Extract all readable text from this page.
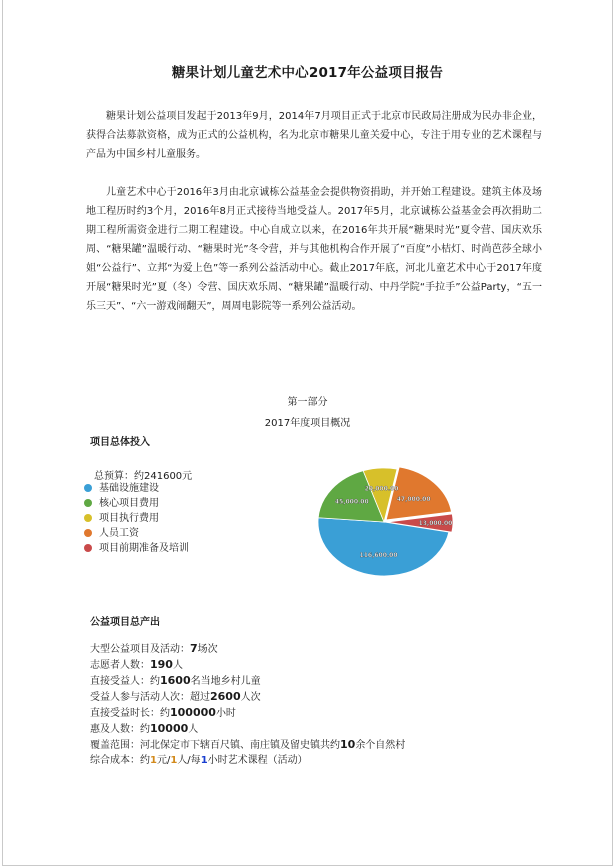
糖果计划儿童艺术中心2017年公益项目报告

糖果计划公益项目发起于2013年9月，2014年7月项目正式于北京市民政局注册成为民办非企业，获得合法募款资格，成为正式的公益机构，名为北京市糖果儿童关爱中心，专注于用专业的艺术课程与产品为中国乡村儿童服务。

儿童艺术中心于2016年3月由北京诚栋公益基金会提供物资捐助，并开始工程建设。建筑主体及场地工程历时约3个月，2016年8月正式接待当地受益人。2017年5月，北京诚栋公益基金会再次捐助二期工程所需资金进行二期工程建设。中心自成立以来，在2016年共开展“糖果时光”夏令营、国庆欢乐周、“糖果罐”温暖行动、“糖果时光”冬令营，并与其他机构合作开展了“百度”小桔灯、时尚芭莎全球小姐“公益行”、立邦“为爱上色”等一系列公益活动中心。截止2017年底，河北儿童艺术中心于2017年度开展“糖果时光”夏（冬）令营、国庆欢乐周、“糖果罐”温暖行动、中丹学院“手拉手”公益Party，“五一乐三天”、“六一游戏闹翻天”，周周电影院等一系列公益活动。

第一部分
2017年度项目概况
项目总体投入
总预算：约241600元
基础设施建设
核心项目费用
项目执行费用
人员工资
项目前期准备及培训
116,600.00
45,000.00
20,000.00
47,000.00
13,000.00
公益项目总产出
大型公益项目及活动：7场次
志愿者人数：190人
直接受益人：约1600名当地乡村儿童
受益人参与活动人次：超过2600人次
直接受益时长：约100000小时
惠及人数：约10000人
覆盖范围：河北保定市下辖百尺镇、南庄镇及留史镇共约10余个自然村
综合成本：约1元/1人/每1小时艺术课程（活动）
